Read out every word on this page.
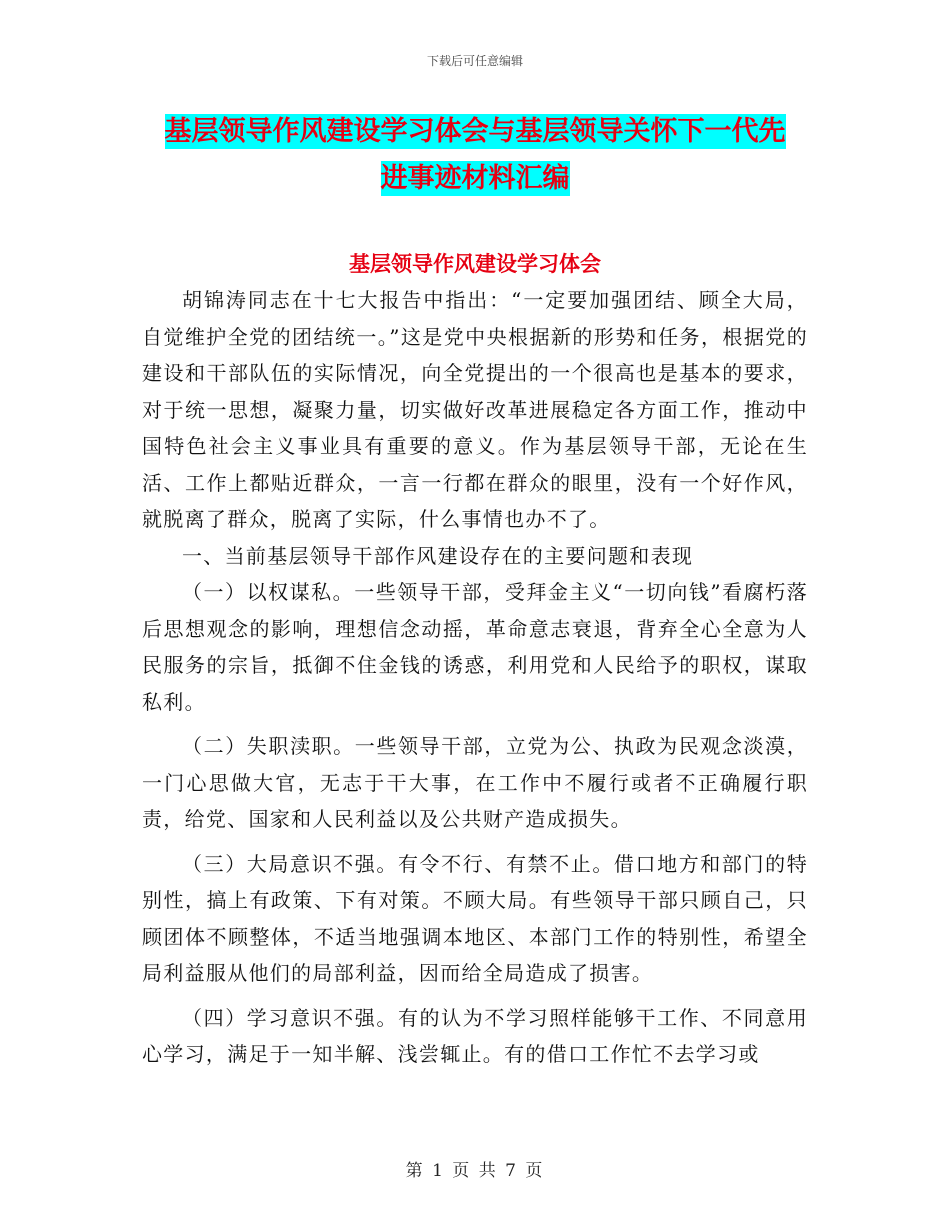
下载后可任意编辑
基层领导作风建设学习体会与基层领导关怀下一代先
进事迹材料汇编
基层领导作风建设学习体会

胡锦涛同志在十七大报告中指出：“一定要加强团结、顾全大局，自觉维护全党的团结统一。”这是党中央根据新的形势和任务，根据党的建设和干部队伍的实际情况，向全党提出的一个很高也是基本的要求，对于统一思想，凝聚力量，切实做好改革进展稳定各方面工作，推动中国特色社会主义事业具有重要的意义。作为基层领导干部，无论在生活、工作上都贴近群众，一言一行都在群众的眼里，没有一个好作风，就脱离了群众，脱离了实际，什么事情也办不了。

一、当前基层领导干部作风建设存在的主要问题和表现

（一）以权谋私。一些领导干部，受拜金主义“一切向钱”看腐朽落后思想观念的影响，理想信念动摇，革命意志衰退，背弃全心全意为人民服务的宗旨，抵御不住金钱的诱惑，利用党和人民给予的职权，谋取私利。

（二）失职渎职。一些领导干部，立党为公、执政为民观念淡漠，一门心思做大官，无志于干大事，在工作中不履行或者不正确履行职责，给党、国家和人民利益以及公共财产造成损失。

（三）大局意识不强。有令不行、有禁不止。借口地方和部门的特别性，搞上有政策、下有对策。不顾大局。有些领导干部只顾自己，只顾团体不顾整体，不适当地强调本地区、本部门工作的特别性，希望全局利益服从他们的局部利益，因而给全局造成了损害。

（四）学习意识不强。有的认为不学习照样能够干工作、不同意用心学习，满足于一知半解、浅尝辄止。有的借口工作忙不去学习或

第 1 页 共 7 页
